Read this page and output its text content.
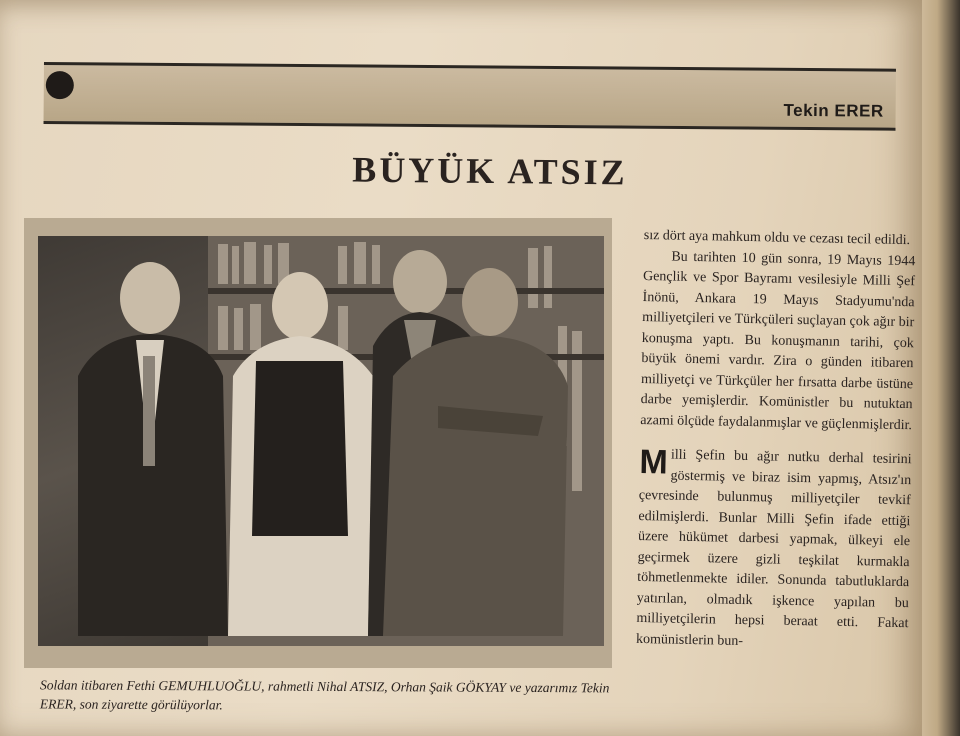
Tekin ERER
BÜYÜK ATSIZ
Soldan itibaren Fethi GEMUHLUOĞLU, rahmetli Nihal ATSIZ, Orhan Şaik GÖKYAY ve yazarımız Tekin ERER, son ziyarette görülüyorlar.

sız dört aya mahkum oldu ve cezası tecil edildi.

Bu tarihten 10 gün sonra, 19 Mayıs 1944 Gençlik ve Spor Bayramı vesilesiyle Milli Şef İnönü, Ankara 19 Mayıs Stadyumu'nda milliyetçileri ve Türkçüleri suçlayan çok ağır bir konuşma yaptı. Bu konuşmanın tarihi, çok büyük önemi vardır. Zira o günden itibaren milliyetçi ve Türkçüler her fırsatta darbe üstüne darbe yemişlerdir. Komünistler bu nutuktan azami ölçüde faydalanmışlar ve güçlenmişlerdir.

Milli Şefin bu ağır nutku derhal tesirini göstermiş ve biraz isim yapmış, Atsız'ın çevresinde bulunmuş milliyetçiler tevkif edilmişlerdi. Bunlar Milli Şefin ifade ettiği üzere hükümet darbesi yapmak, ülkeyi ele geçirmek üzere gizli teşkilat kurmakla töhmetlenmekte idiler. Sonunda tabutluklarda yatırılan, olmadık işkence yapılan bu milliyetçilerin hepsi beraat etti. Fakat komünistlerin bun-
